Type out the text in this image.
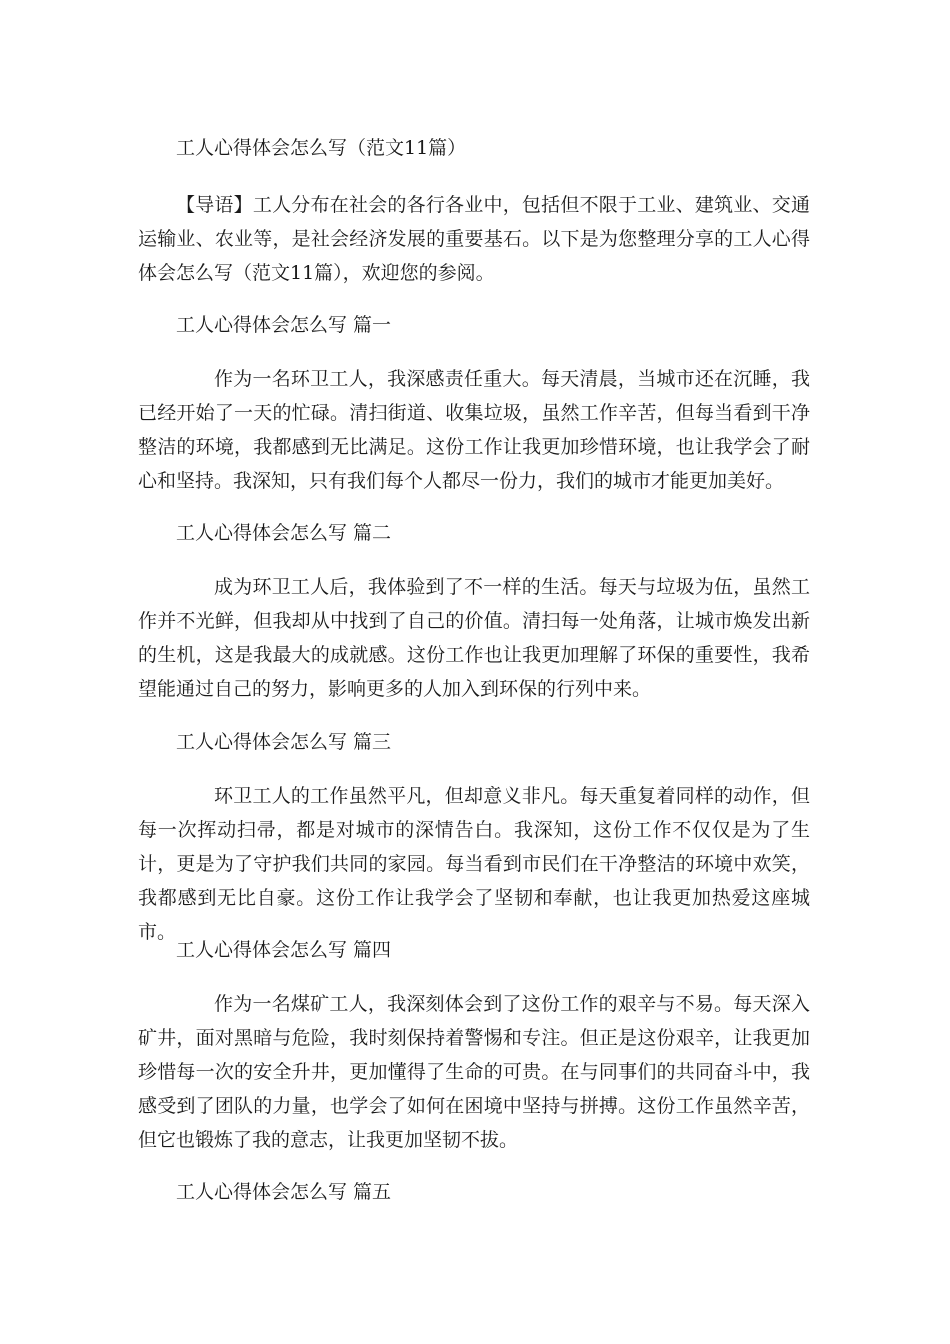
工人心得体会怎么写（范文11篇）

【导语】工人分布在社会的各行各业中，包括但不限于工业、建筑业、交通运输业、农业等，是社会经济发展的重要基石。以下是为您整理分享的工人心得体会怎么写（范文11篇），欢迎您的参阅。

工人心得体会怎么写 篇一

作为一名环卫工人，我深感责任重大。每天清晨，当城市还在沉睡，我已经开始了一天的忙碌。清扫街道、收集垃圾，虽然工作辛苦，但每当看到干净整洁的环境，我都感到无比满足。这份工作让我更加珍惜环境，也让我学会了耐心和坚持。我深知，只有我们每个人都尽一份力，我们的城市才能更加美好。

工人心得体会怎么写 篇二

成为环卫工人后，我体验到了不一样的生活。每天与垃圾为伍，虽然工作并不光鲜，但我却从中找到了自己的价值。清扫每一处角落，让城市焕发出新的生机，这是我最大的成就感。这份工作也让我更加理解了环保的重要性，我希望能通过自己的努力，影响更多的人加入到环保的行列中来。

工人心得体会怎么写 篇三

环卫工人的工作虽然平凡，但却意义非凡。每天重复着同样的动作，但每一次挥动扫帚，都是对城市的深情告白。我深知，这份工作不仅仅是为了生计，更是为了守护我们共同的家园。每当看到市民们在干净整洁的环境中欢笑，我都感到无比自豪。这份工作让我学会了坚韧和奉献，也让我更加热爱这座城市。

工人心得体会怎么写 篇四

作为一名煤矿工人，我深刻体会到了这份工作的艰辛与不易。每天深入矿井，面对黑暗与危险，我时刻保持着警惕和专注。但正是这份艰辛，让我更加珍惜每一次的安全升井，更加懂得了生命的可贵。在与同事们的共同奋斗中，我感受到了团队的力量，也学会了如何在困境中坚持与拼搏。这份工作虽然辛苦，但它也锻炼了我的意志，让我更加坚韧不拔。

工人心得体会怎么写 篇五
